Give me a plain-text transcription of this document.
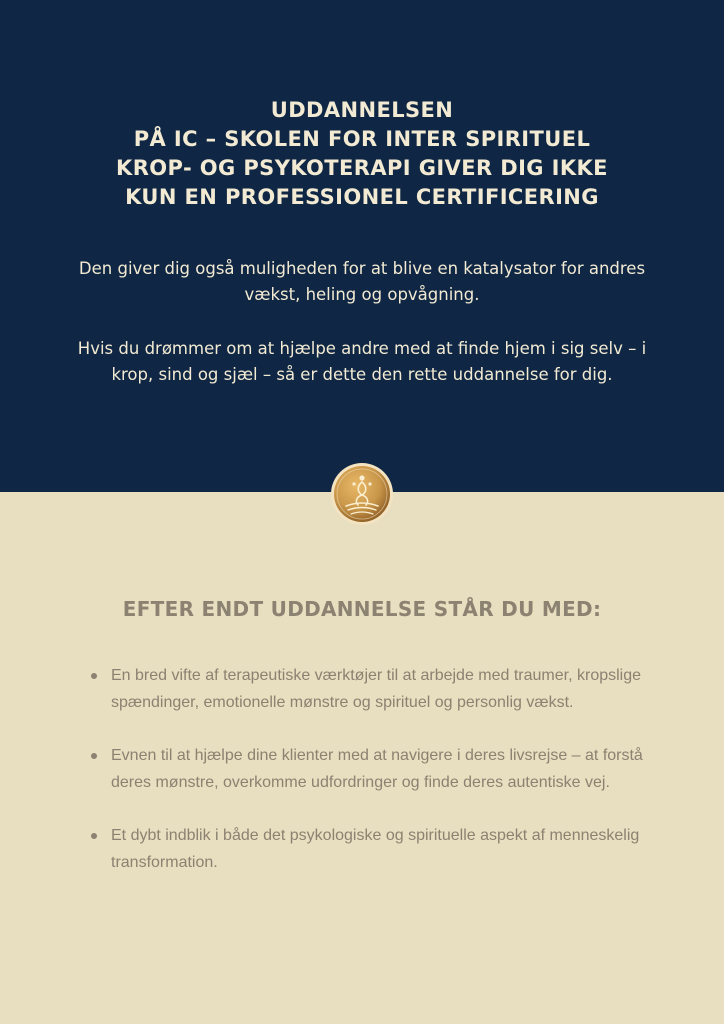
UDDANNELSEN
PÅ IC – SKOLEN FOR INTER SPIRITUEL
KROP- OG PSYKOTERAPI GIVER DIG IKKE
KUN EN PROFESSIONEL CERTIFICERING

Den giver dig også muligheden for at blive en katalysator for andres vækst, heling og opvågning.

Hvis du drømmer om at hjælpe andre med at finde hjem i sig selv – i krop, sind og sjæl – så er dette den rette uddannelse for dig.

EFTER ENDT UDDANNELSE STÅR DU MED:
En bred vifte af terapeutiske værktøjer til at arbejde med traumer, kropslige spændinger, emotionelle mønstre og spirituel og personlig vækst.
Evnen til at hjælpe dine klienter med at navigere i deres livsrejse – at forstå deres mønstre, overkomme udfordringer og finde deres autentiske vej.
Et dybt indblik i både det psykologiske og spirituelle aspekt af menneskelig transformation.
